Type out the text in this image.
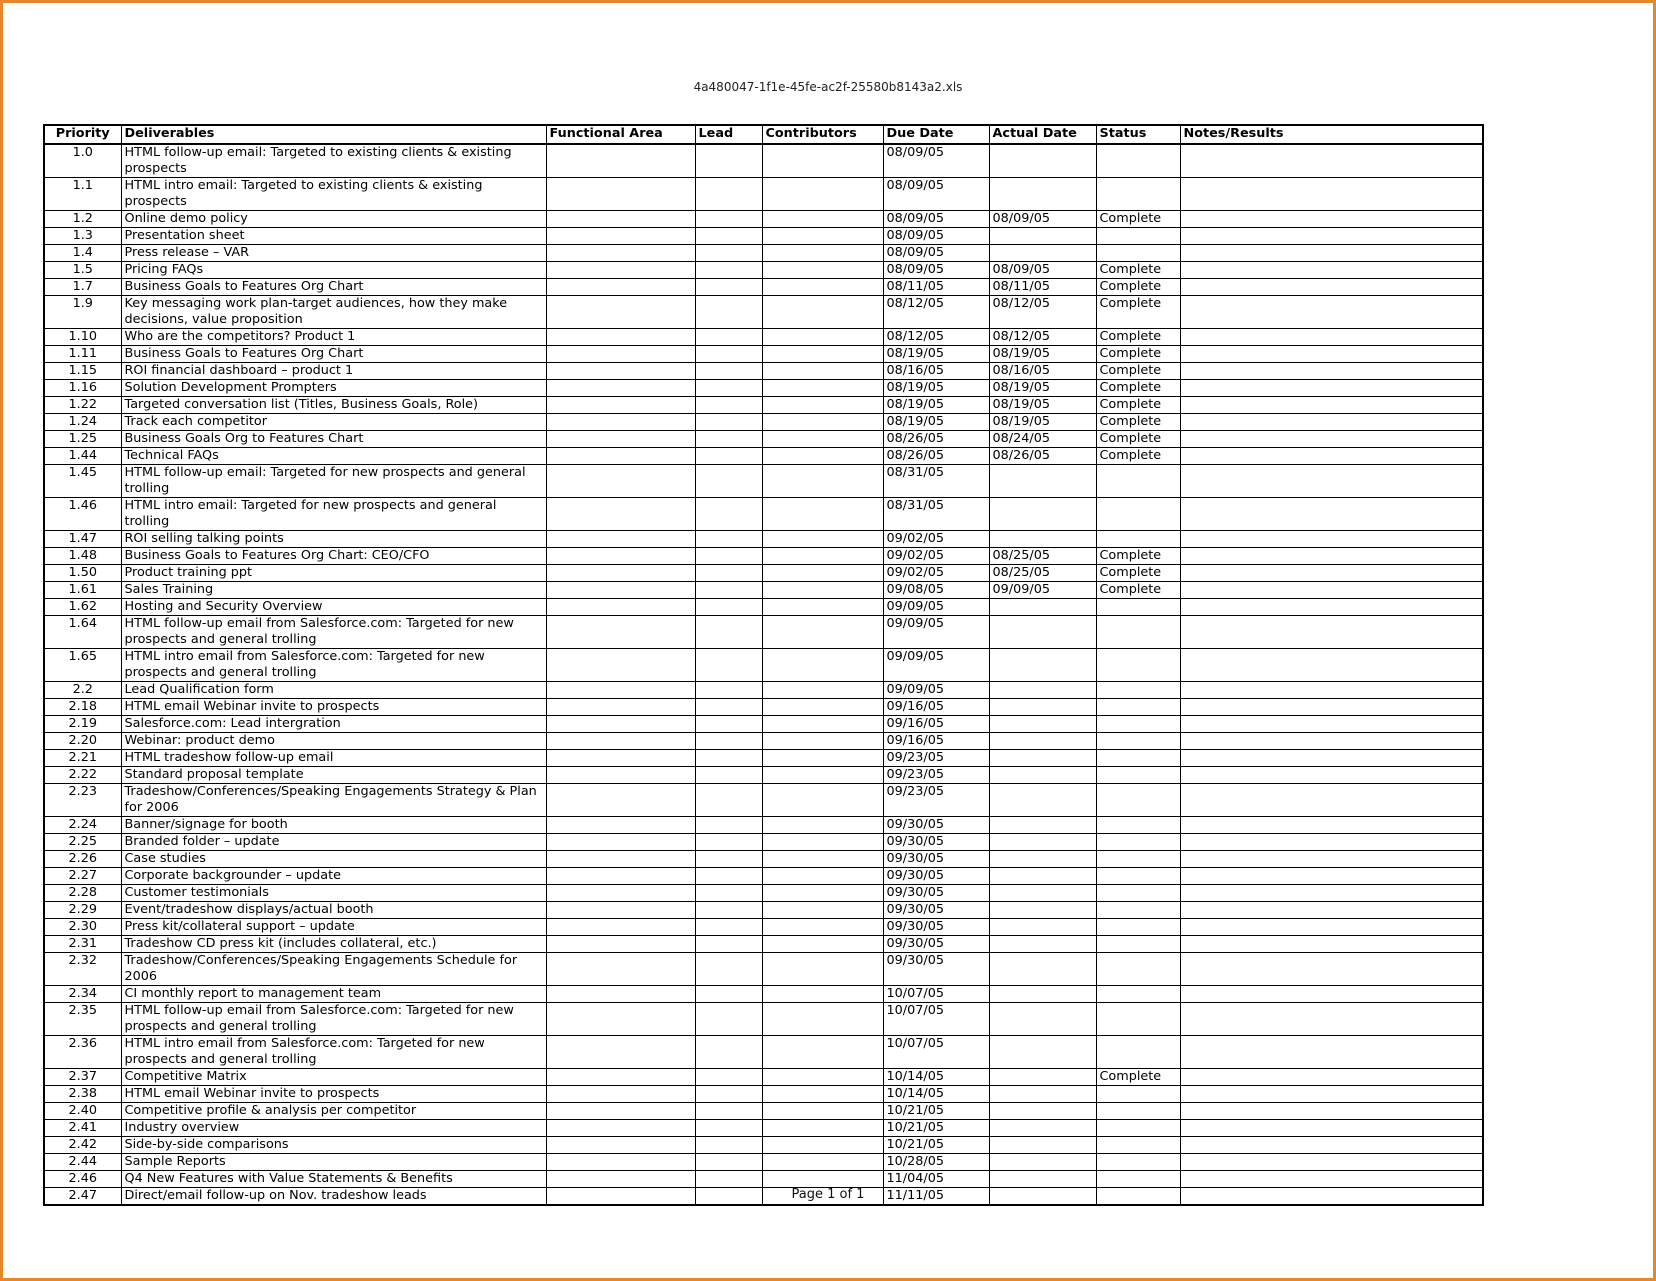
4a480047-1f1e-45fe-ac2f-25580b8143a2.xls
Priority	Deliverables	Functional Area	Lead	Contributors	Due Date	Actual Date	Status	Notes/Results
1.0	HTML follow-up email: Targeted to existing clients & existing prospects				08/09/05			
1.1	HTML intro email: Targeted to existing clients & existing prospects				08/09/05			
1.2	Online demo policy				08/09/05	08/09/05	Complete	
1.3	Presentation sheet				08/09/05			
1.4	Press release – VAR				08/09/05			
1.5	Pricing FAQs				08/09/05	08/09/05	Complete	
1.7	Business Goals to Features Org Chart				08/11/05	08/11/05	Complete	
1.9	Key messaging work plan-target audiences, how they make decisions, value proposition				08/12/05	08/12/05	Complete	
1.10	Who are the competitors? Product 1				08/12/05	08/12/05	Complete	
1.11	Business Goals to Features Org Chart				08/19/05	08/19/05	Complete	
1.15	ROI financial dashboard – product 1				08/16/05	08/16/05	Complete	
1.16	Solution Development Prompters				08/19/05	08/19/05	Complete	
1.22	Targeted conversation list (Titles, Business Goals, Role)				08/19/05	08/19/05	Complete	
1.24	Track each competitor				08/19/05	08/19/05	Complete	
1.25	Business Goals Org to Features Chart				08/26/05	08/24/05	Complete	
1.44	Technical FAQs				08/26/05	08/26/05	Complete	
1.45	HTML follow-up email: Targeted for new prospects and general trolling				08/31/05			
1.46	HTML intro email: Targeted for new prospects and general trolling				08/31/05			
1.47	ROI selling talking points				09/02/05			
1.48	Business Goals to Features Org Chart: CEO/CFO				09/02/05	08/25/05	Complete	
1.50	Product training ppt				09/02/05	08/25/05	Complete	
1.61	Sales Training				09/08/05	09/09/05	Complete	
1.62	Hosting and Security Overview				09/09/05			
1.64	HTML follow-up email from Salesforce.com: Targeted for new prospects and general trolling				09/09/05			
1.65	HTML intro email from Salesforce.com: Targeted for new prospects and general trolling				09/09/05			
2.2	Lead Qualification form				09/09/05			
2.18	HTML email Webinar invite to prospects				09/16/05			
2.19	Salesforce.com: Lead intergration				09/16/05			
2.20	Webinar: product demo				09/16/05			
2.21	HTML tradeshow follow-up email				09/23/05			
2.22	Standard proposal template				09/23/05			
2.23	Tradeshow/Conferences/Speaking Engagements Strategy & Plan for 2006				09/23/05			
2.24	Banner/signage for booth				09/30/05			
2.25	Branded folder – update				09/30/05			
2.26	Case studies				09/30/05			
2.27	Corporate backgrounder – update				09/30/05			
2.28	Customer testimonials				09/30/05			
2.29	Event/tradeshow displays/actual booth				09/30/05			
2.30	Press kit/collateral support – update				09/30/05			
2.31	Tradeshow CD press kit (includes collateral, etc.)				09/30/05			
2.32	Tradeshow/Conferences/Speaking Engagements Schedule for 2006				09/30/05			
2.34	CI monthly report to management team				10/07/05			
2.35	HTML follow-up email from Salesforce.com: Targeted for new prospects and general trolling				10/07/05			
2.36	HTML intro email from Salesforce.com: Targeted for new prospects and general trolling				10/07/05			
2.37	Competitive Matrix				10/14/05		Complete	
2.38	HTML email Webinar invite to prospects				10/14/05			
2.40	Competitive profile & analysis per competitor				10/21/05			
2.41	Industry overview				10/21/05			
2.42	Side-by-side comparisons				10/21/05			
2.44	Sample Reports				10/28/05			
2.46	Q4 New Features with Value Statements & Benefits				11/04/05			
2.47	Direct/email follow-up on Nov. tradeshow leads				11/11/05			
Page 1 of 1
